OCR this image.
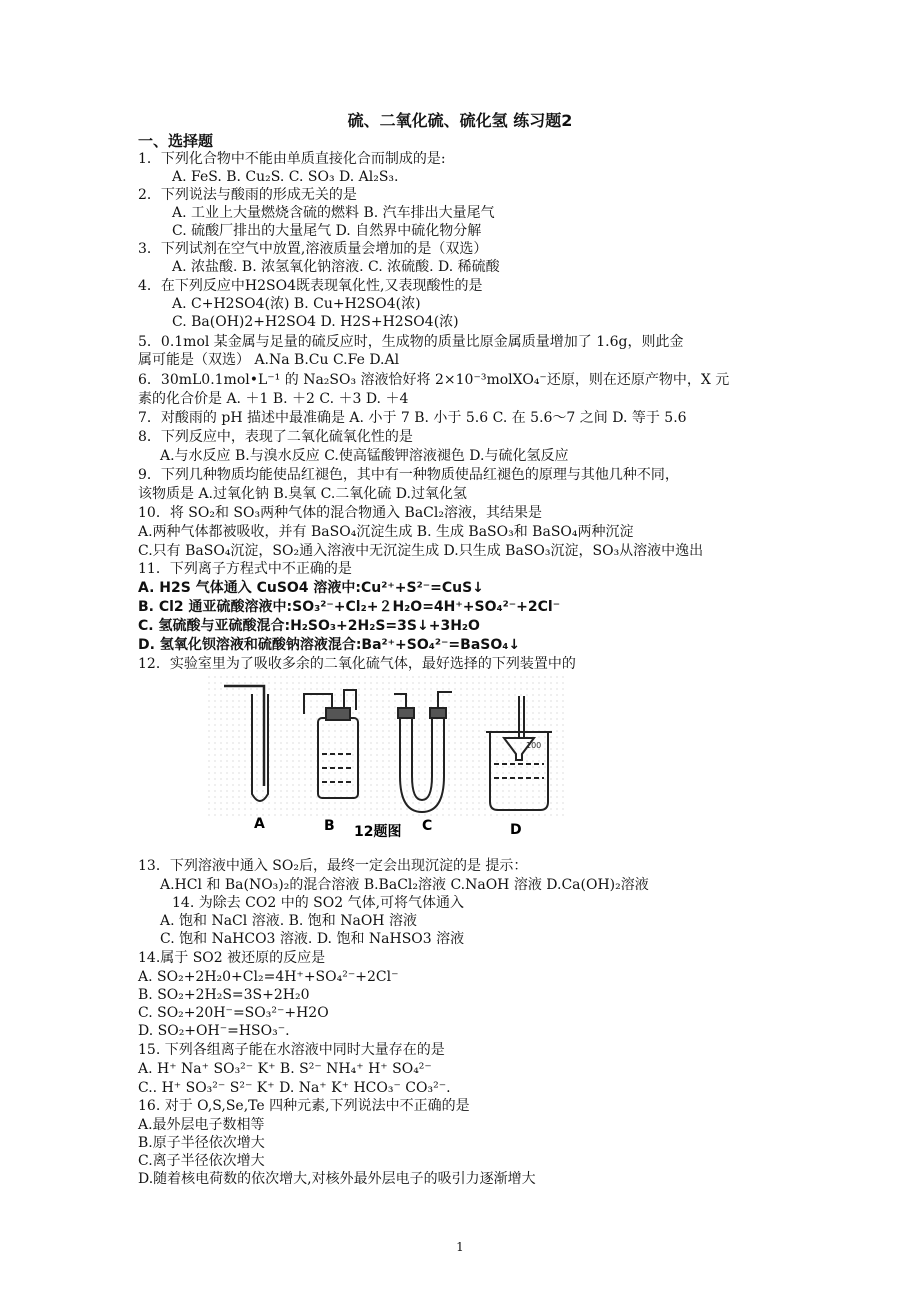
硫、二氧化硫、硫化氢 练习题2
一、选择题
1．下列化合物中不能由单质直接化合而制成的是:
A. FeS. B. Cu₂S. C. SO₃ D. Al₂S₃.
2．下列说法与酸雨的形成无关的是
A. 工业上大量燃烧含硫的燃料 B. 汽车排出大量尾气
C. 硫酸厂排出的大量尾气 D. 自然界中硫化物分解
3．下列试剂在空气中放置,溶液质量会增加的是（双选）
A. 浓盐酸. B. 浓氢氧化钠溶液. C. 浓硫酸. D. 稀硫酸
4．在下列反应中H2SO4既表现氧化性,又表现酸性的是
A. C+H2SO4(浓) B. Cu+H2SO4(浓)
C. Ba(OH)2+H2SO4 D. H2S+H2SO4(浓)
5．0.1mol 某金属与足量的硫反应时，生成物的质量比原金属质量增加了 1.6g，则此金
属可能是（双选） A.Na B.Cu C.Fe D.Al
6．30mL0.1mol•L⁻¹ 的 Na₂SO₃ 溶液恰好将 2×10⁻³molXO₄⁻还原，则在还原产物中，X 元
素的化合价是 A. ＋1 B. ＋2 C. ＋3 D. ＋4
7．对酸雨的 pH 描述中最准确是 A. 小于 7 B. 小于 5.6 C. 在 5.6～7 之间 D. 等于 5.6
8．下列反应中，表现了二氧化硫氧化性的是
A.与水反应 B.与溴水反应 C.使高锰酸钾溶液褪色 D.与硫化氢反应
9．下列几种物质均能使品红褪色，其中有一种物质使品红褪色的原理与其他几种不同，
该物质是 A.过氧化钠 B.臭氧 C.二氧化硫 D.过氧化氢
10．将 SO₂和 SO₃两种气体的混合物通入 BaCl₂溶液，其结果是
A.两种气体都被吸收，并有 BaSO₄沉淀生成 B. 生成 BaSO₃和 BaSO₄两种沉淀
C.只有 BaSO₄沉淀，SO₂通入溶液中无沉淀生成 D.只生成 BaSO₃沉淀，SO₃从溶液中逸出
11．下列离子方程式中不正确的是
A. H2S 气体通入 CuSO4 溶液中:Cu²⁺+S²⁻=CuS↓
B. Cl2 通亚硫酸溶液中:SO₃²⁻+Cl₂+２H₂O=4H⁺+SO₄²⁻+2Cl⁻
C. 氢硫酸与亚硫酸混合:H₂SO₃+2H₂S=3S↓+3H₂O
D. 氢氧化钡溶液和硫酸钠溶液混合:Ba²⁺+SO₄²⁻=BaSO₄↓
12．实验室里为了吸收多余的二氧化硫气体，最好选择的下列装置中的
13．下列溶液中通入 SO₂后，最终一定会出现沉淀的是 提示：
A.HCl 和 Ba(NO₃)₂的混合溶液 B.BaCl₂溶液 C.NaOH 溶液 D.Ca(OH)₂溶液
14. 为除去 CO2 中的 SO2 气体,可将气体通入
A. 饱和 NaCl 溶液. B. 饱和 NaOH 溶液
C. 饱和 NaHCO3 溶液. D. 饱和 NaHSO3 溶液
14.属于 SO2 被还原的反应是
A. SO₂+2H₂0+Cl₂=4H⁺+SO₄²⁻+2Cl⁻
B. SO₂+2H₂S=3S+2H₂0
C. SO₂+20H⁻=SO₃²⁻+H2O
D. SO₂+OH⁻=HSO₃⁻.
15. 下列各组离子能在水溶液中同时大量存在的是
A. H⁺ Na⁺ SO₃²⁻ K⁺ B. S²⁻ NH₄⁺ H⁺ SO₄²⁻
C.. H⁺ SO₃²⁻ S²⁻ K⁺ D. Na⁺ K⁺ HCO₃⁻ CO₃²⁻.
16. 对于 O,S,Se,Te 四种元素,下列说法中不正确的是
A.最外层电子数相等
B.原子半径依次增大
C.离子半径依次增大
D.随着核电荷数的依次增大,对核外最外层电子的吸引力逐渐增大
100
A	B 12题图 C	D
1
